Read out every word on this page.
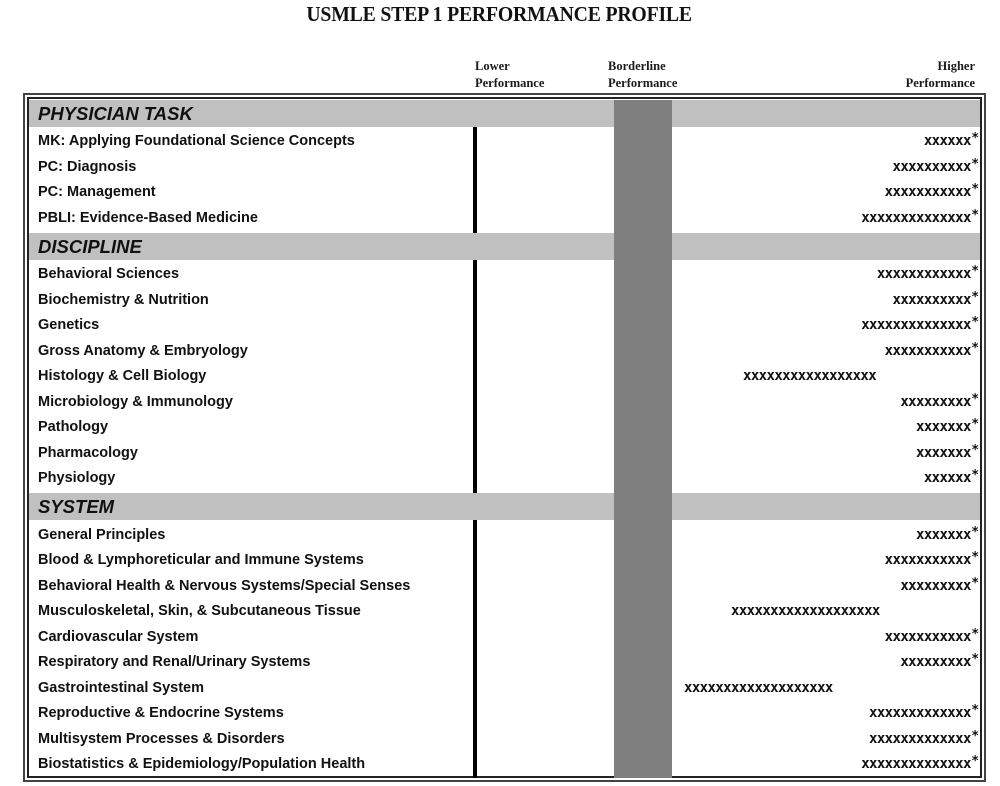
USMLE STEP 1 PERFORMANCE PROFILE
Lower
Performance
Borderline
Performance
Higher
Performance
PHYSICIAN TASK
DISCIPLINE
SYSTEM
MK: Applying Foundational Science Concepts	xxxxxx*
PC: Diagnosis	xxxxxxxxxx*
PC: Management	xxxxxxxxxxx*
PBLI: Evidence-Based Medicine	xxxxxxxxxxxxxx*
Behavioral Sciences	xxxxxxxxxxxx*
Biochemistry & Nutrition	xxxxxxxxxx*
Genetics	xxxxxxxxxxxxxx*
Gross Anatomy & Embryology	xxxxxxxxxxx*
Histology & Cell Biology	xxxxxxxxxxxxxxxxx
Microbiology & Immunology	xxxxxxxxx*
Pathology	xxxxxxx*
Pharmacology	xxxxxxx*
Physiology	xxxxxx*
General Principles	xxxxxxx*
Blood & Lymphoreticular and Immune Systems	xxxxxxxxxxx*
Behavioral Health & Nervous Systems/Special Senses	xxxxxxxxx*
Musculoskeletal, Skin, & Subcutaneous Tissue	xxxxxxxxxxxxxxxxxxx
Cardiovascular System	xxxxxxxxxxx*
Respiratory and Renal/Urinary Systems	xxxxxxxxx*
Gastrointestinal System	xxxxxxxxxxxxxxxxxxx
Reproductive & Endocrine Systems	xxxxxxxxxxxxx*
Multisystem Processes & Disorders	xxxxxxxxxxxxx*
Biostatistics & Epidemiology/Population Health	xxxxxxxxxxxxxx*
